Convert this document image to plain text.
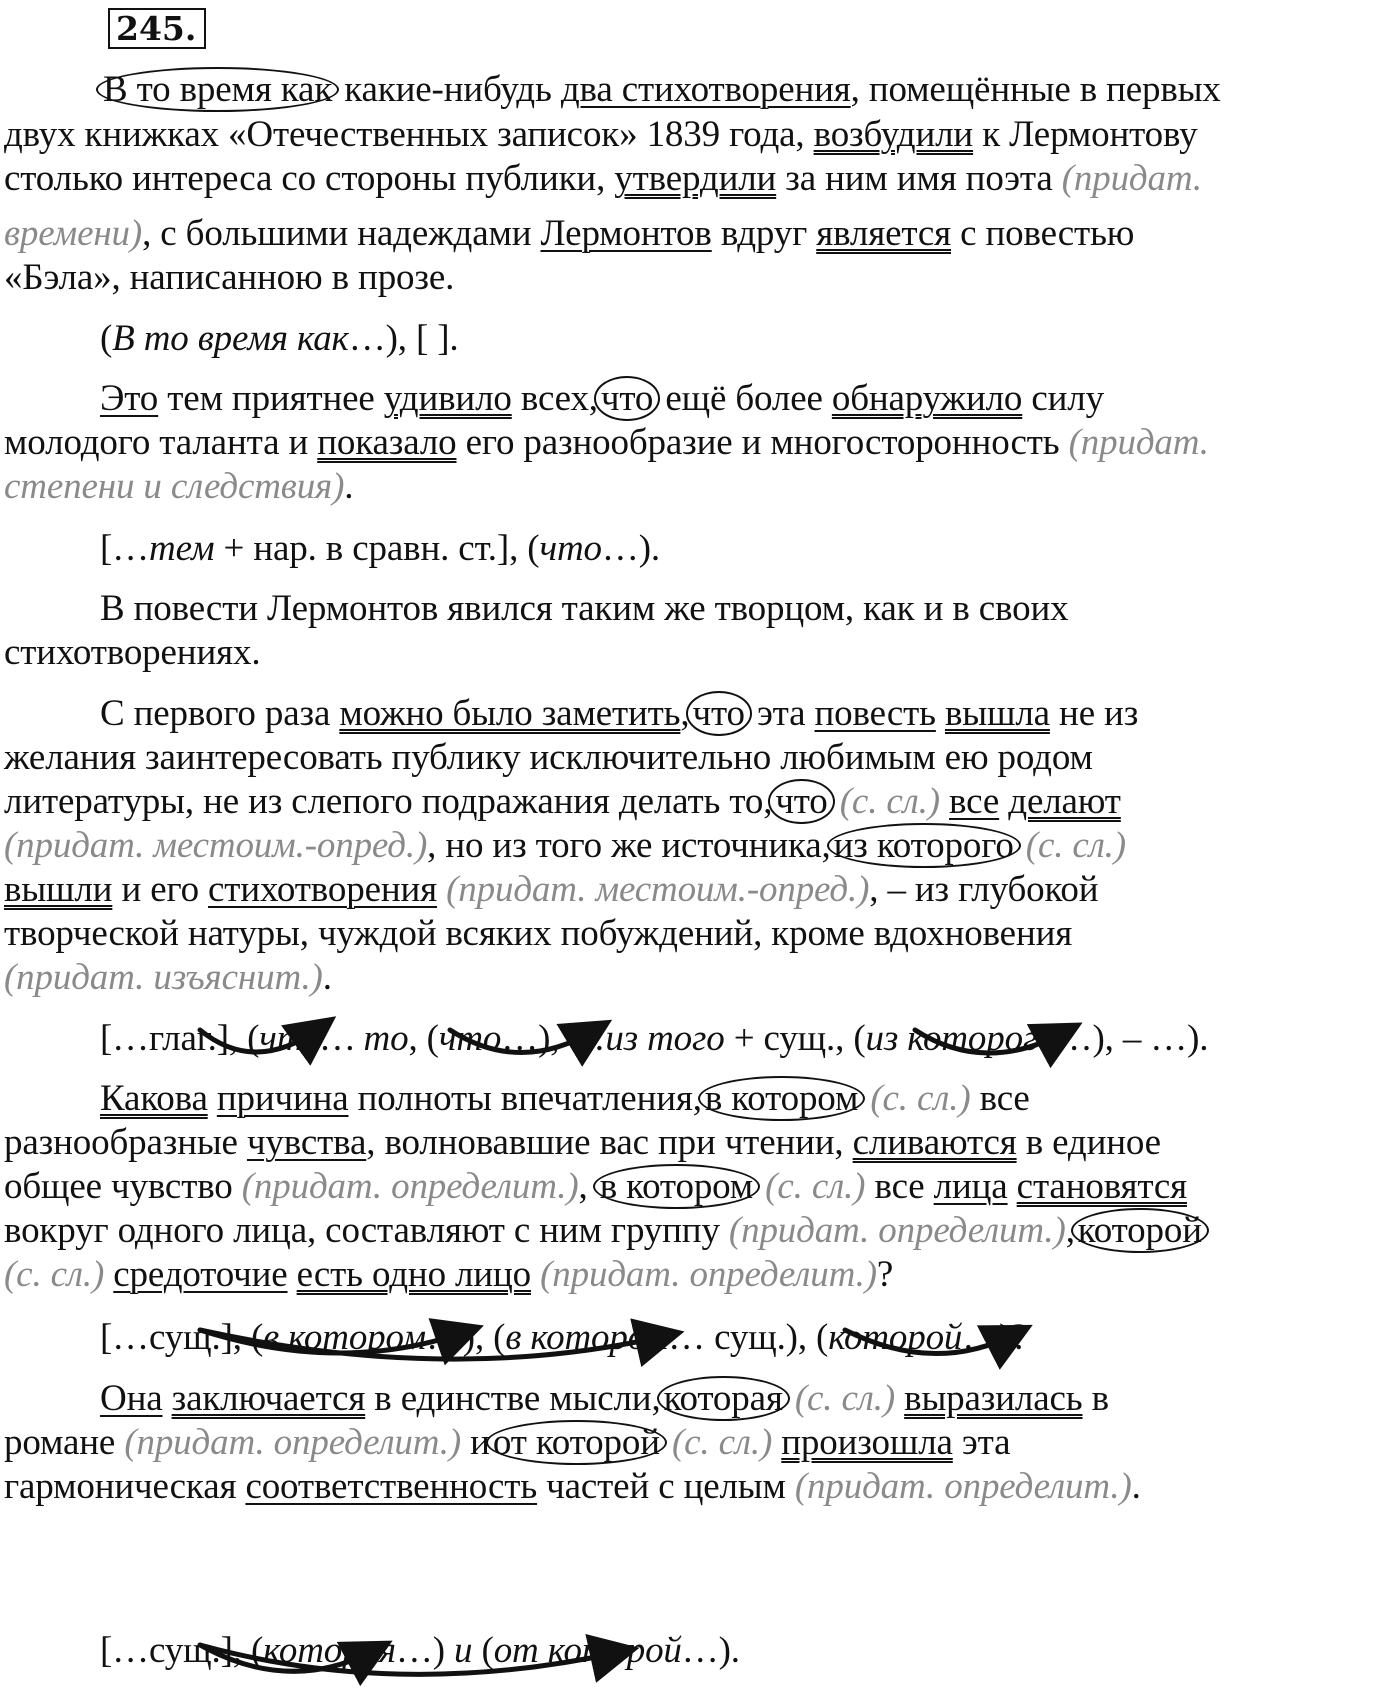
245.
В то время как какие-нибудь два стихотворения, помещённые в первых
двух книжках «Отечественных записок» 1839 года, возбудили к Лермонтову
столько интереса со стороны публики, утвердили за ним имя поэта (придат.
времени), с большими надеждами Лермонтов вдруг является с повестью
«Бэла», написанною в прозе.
(В то время как…), [ ].
Это тем приятнее удивило всех,что ещё более обнаружило силу
молодого таланта и показало его разнообразие и многосторонность (придат.
степени и следствия).
[…тем + нар. в сравн. ст.], (что…).
В повести Лермонтов явился таким же творцом, как и в своих
стихотворениях.
С первого раза можно было заметить,что эта повесть вышла не из
желания заинтересовать публику исключительно любимым ею родом
литературы, не из слепого подражания делать то,что (с. сл.) все делают
(придат. местоим.-опред.), но из того же источника,из которого (с. сл.)
вышли и его стихотворения (придат. местоим.-опред.), – из глубокой
творческой натуры, чуждой всяких побуждений, кроме вдохновения
(придат. изъяснит.).
[…глаг.], (что… то, (что…), …из того + сущ., (из которого…), – …).
Какова причина полноты впечатления,в котором (с. сл.) все
разнообразные чувства, волновавшие вас при чтении, сливаются в единое
общее чувство (придат. определит.), в котором (с. сл.) все лица становятся
вокруг одного лица, составляют с ним группу (придат. определит.),которой
(с. сл.) средоточие есть одно лицо (придат. определит.)?
[…сущ.], (в котором…), (в котором… сущ.), (которой…)?
Она заключается в единстве мысли,которая (с. сл.) выразилась в
романе (придат. определит.) иот которой (с. сл.) произошла эта
гармоническая соответственность частей с целым (придат. определит.).
[…сущ.], (которая…) и (от которой…).
